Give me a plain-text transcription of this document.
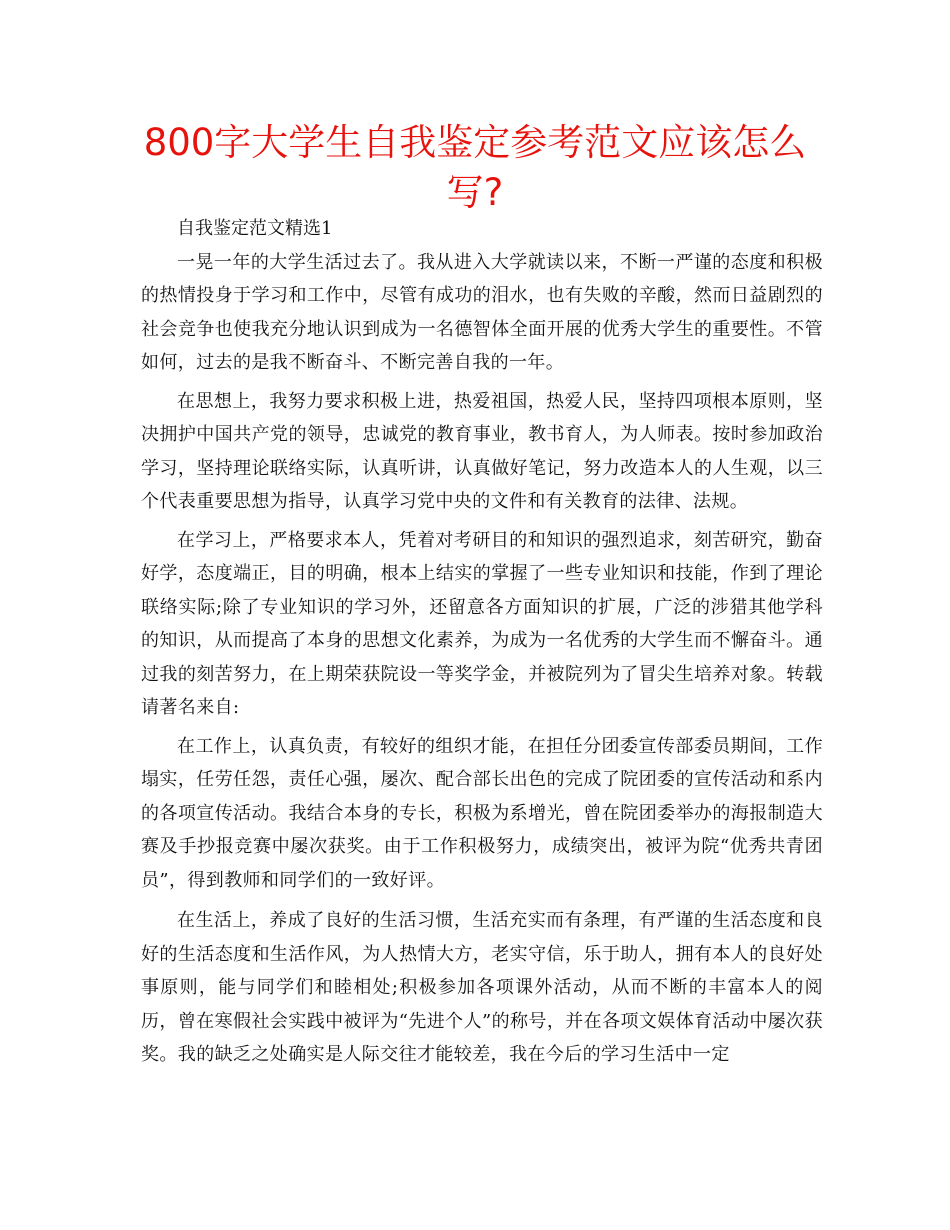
800字大学生自我鉴定参考范文应该怎么写?

自我鉴定范文精选1

一晃一年的大学生活过去了。我从进入大学就读以来，不断一严谨的态度和积极的热情投身于学习和工作中，尽管有成功的泪水，也有失败的辛酸，然而日益剧烈的社会竞争也使我充分地认识到成为一名德智体全面开展的优秀大学生的重要性。不管如何，过去的是我不断奋斗、不断完善自我的一年。

在思想上，我努力要求积极上进，热爱祖国，热爱人民，坚持四项根本原则，坚决拥护中国共产党的领导，忠诚党的教育事业，教书育人，为人师表。按时参加政治学习，坚持理论联络实际，认真听讲，认真做好笔记，努力改造本人的人生观，以三个代表重要思想为指导，认真学习党中央的文件和有关教育的法律、法规。

在学习上，严格要求本人，凭着对考研目的和知识的强烈追求，刻苦研究，勤奋好学，态度端正，目的明确，根本上结实的掌握了一些专业知识和技能，作到了理论联络实际;除了专业知识的学习外，还留意各方面知识的扩展，广泛的涉猎其他学科的知识，从而提高了本身的思想文化素养，为成为一名优秀的大学生而不懈奋斗。通过我的刻苦努力，在上期荣获院设一等奖学金，并被院列为了冒尖生培养对象。转载请著名来自:

在工作上，认真负责，有较好的组织才能，在担任分团委宣传部委员期间，工作塌实，任劳任怨，责任心强，屡次、配合部长出色的完成了院团委的宣传活动和系内的各项宣传活动。我结合本身的专长，积极为系增光，曾在院团委举办的海报制造大赛及手抄报竞赛中屡次获奖。由于工作积极努力，成绩突出，被评为院“优秀共青团员”，得到教师和同学们的一致好评。

在生活上，养成了良好的生活习惯，生活充实而有条理，有严谨的生活态度和良好的生活态度和生活作风，为人热情大方，老实守信，乐于助人，拥有本人的良好处事原则，能与同学们和睦相处;积极参加各项课外活动，从而不断的丰富本人的阅历，曾在寒假社会实践中被评为“先进个人”的称号，并在各项文娱体育活动中屡次获奖。我的缺乏之处确实是人际交往才能较差，我在今后的学习生活中一定
